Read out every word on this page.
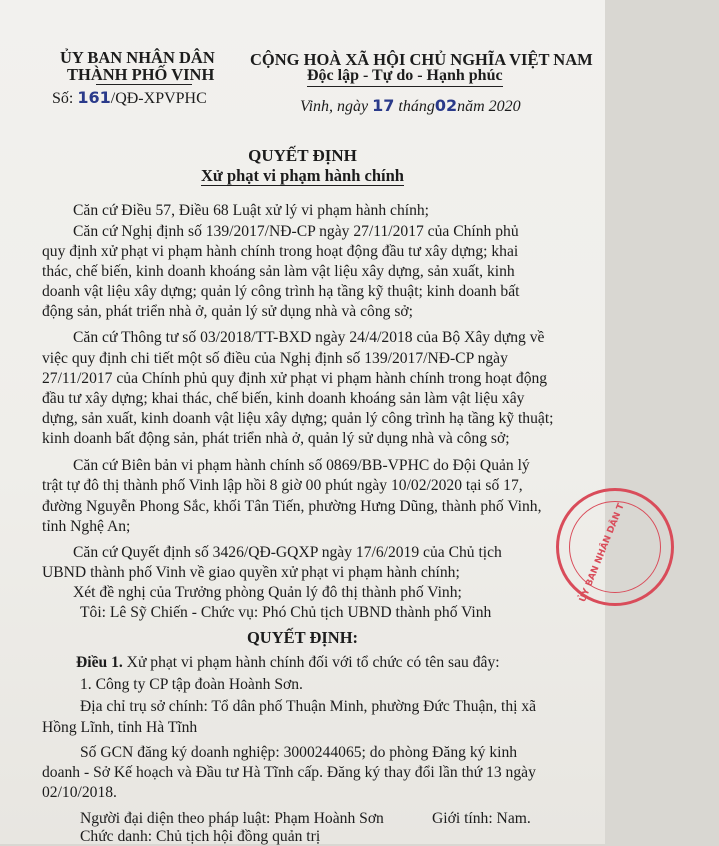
ỦY BAN NHÂN DÂN
THÀNH PHỐ VINH
Số: 161/QĐ-XPVPHC
CỘNG HOÀ XÃ HỘI CHỦ NGHĨA VIỆT NAM
Độc lập - Tự do - Hạnh phúc
Vinh, ngày 17 tháng02năm 2020
QUYẾT ĐỊNH
Xử phạt vi phạm hành chính
Căn cứ Điều 57, Điều 68 Luật xử lý vi phạm hành chính;
Căn cứ Nghị định số 139/2017/NĐ-CP ngày 27/11/2017 của Chính phủ
quy định xử phạt vi phạm hành chính trong hoạt động đầu tư xây dựng; khai
thác, chế biến, kinh doanh khoáng sản làm vật liệu xây dựng, sản xuất, kinh
doanh vật liệu xây dựng; quản lý công trình hạ tầng kỹ thuật; kinh doanh bất
động sản, phát triển nhà ở, quản lý sử dụng nhà và công sở;
Căn cứ Thông tư số 03/2018/TT-BXD ngày 24/4/2018 của Bộ Xây dựng về
việc quy định chi tiết một số điều của Nghị định số 139/2017/NĐ-CP ngày
27/11/2017 của Chính phủ quy định xử phạt vi phạm hành chính trong hoạt động
đầu tư xây dựng; khai thác, chế biến, kinh doanh khoáng sản làm vật liệu xây
dựng, sản xuất, kinh doanh vật liệu xây dựng; quản lý công trình hạ tầng kỹ thuật;
kinh doanh bất động sản, phát triển nhà ở, quản lý sử dụng nhà và công sở;
Căn cứ Biên bản vi phạm hành chính số 0869/BB-VPHC do Đội Quản lý
trật tự đô thị thành phố Vinh lập hồi 8 giờ 00 phút ngày 10/02/2020 tại số 17,
đường Nguyễn Phong Sắc, khối Tân Tiến, phường Hưng Dũng, thành phố Vinh,
tỉnh Nghệ An;
Căn cứ Quyết định số 3426/QĐ-GQXP ngày 17/6/2019 của Chủ tịch
UBND thành phố Vinh về giao quyền xử phạt vi phạm hành chính;
Xét đề nghị của Trưởng phòng Quản lý đô thị thành phố Vinh;
Tôi: Lê Sỹ Chiến - Chức vụ: Phó Chủ tịch UBND thành phố Vinh
QUYẾT ĐỊNH:
Điều 1. Xử phạt vi phạm hành chính đối với tổ chức có tên sau đây:
1. Công ty CP tập đoàn Hoành Sơn.
Địa chỉ trụ sở chính: Tổ dân phố Thuận Minh, phường Đức Thuận, thị xã
Hồng Lĩnh, tỉnh Hà Tĩnh
Số GCN đăng ký doanh nghiệp: 3000244065; do phòng Đăng ký kinh
doanh - Sở Kế hoạch và Đầu tư Hà Tĩnh cấp. Đăng ký thay đổi lần thứ 13 ngày
02/10/2018.
Người đại diện theo pháp luật: Phạm Hoành Sơn	Giới tính: Nam.
Chức danh: Chủ tịch hội đồng quản trị
ỦY BAN NHÂN DÂN T
